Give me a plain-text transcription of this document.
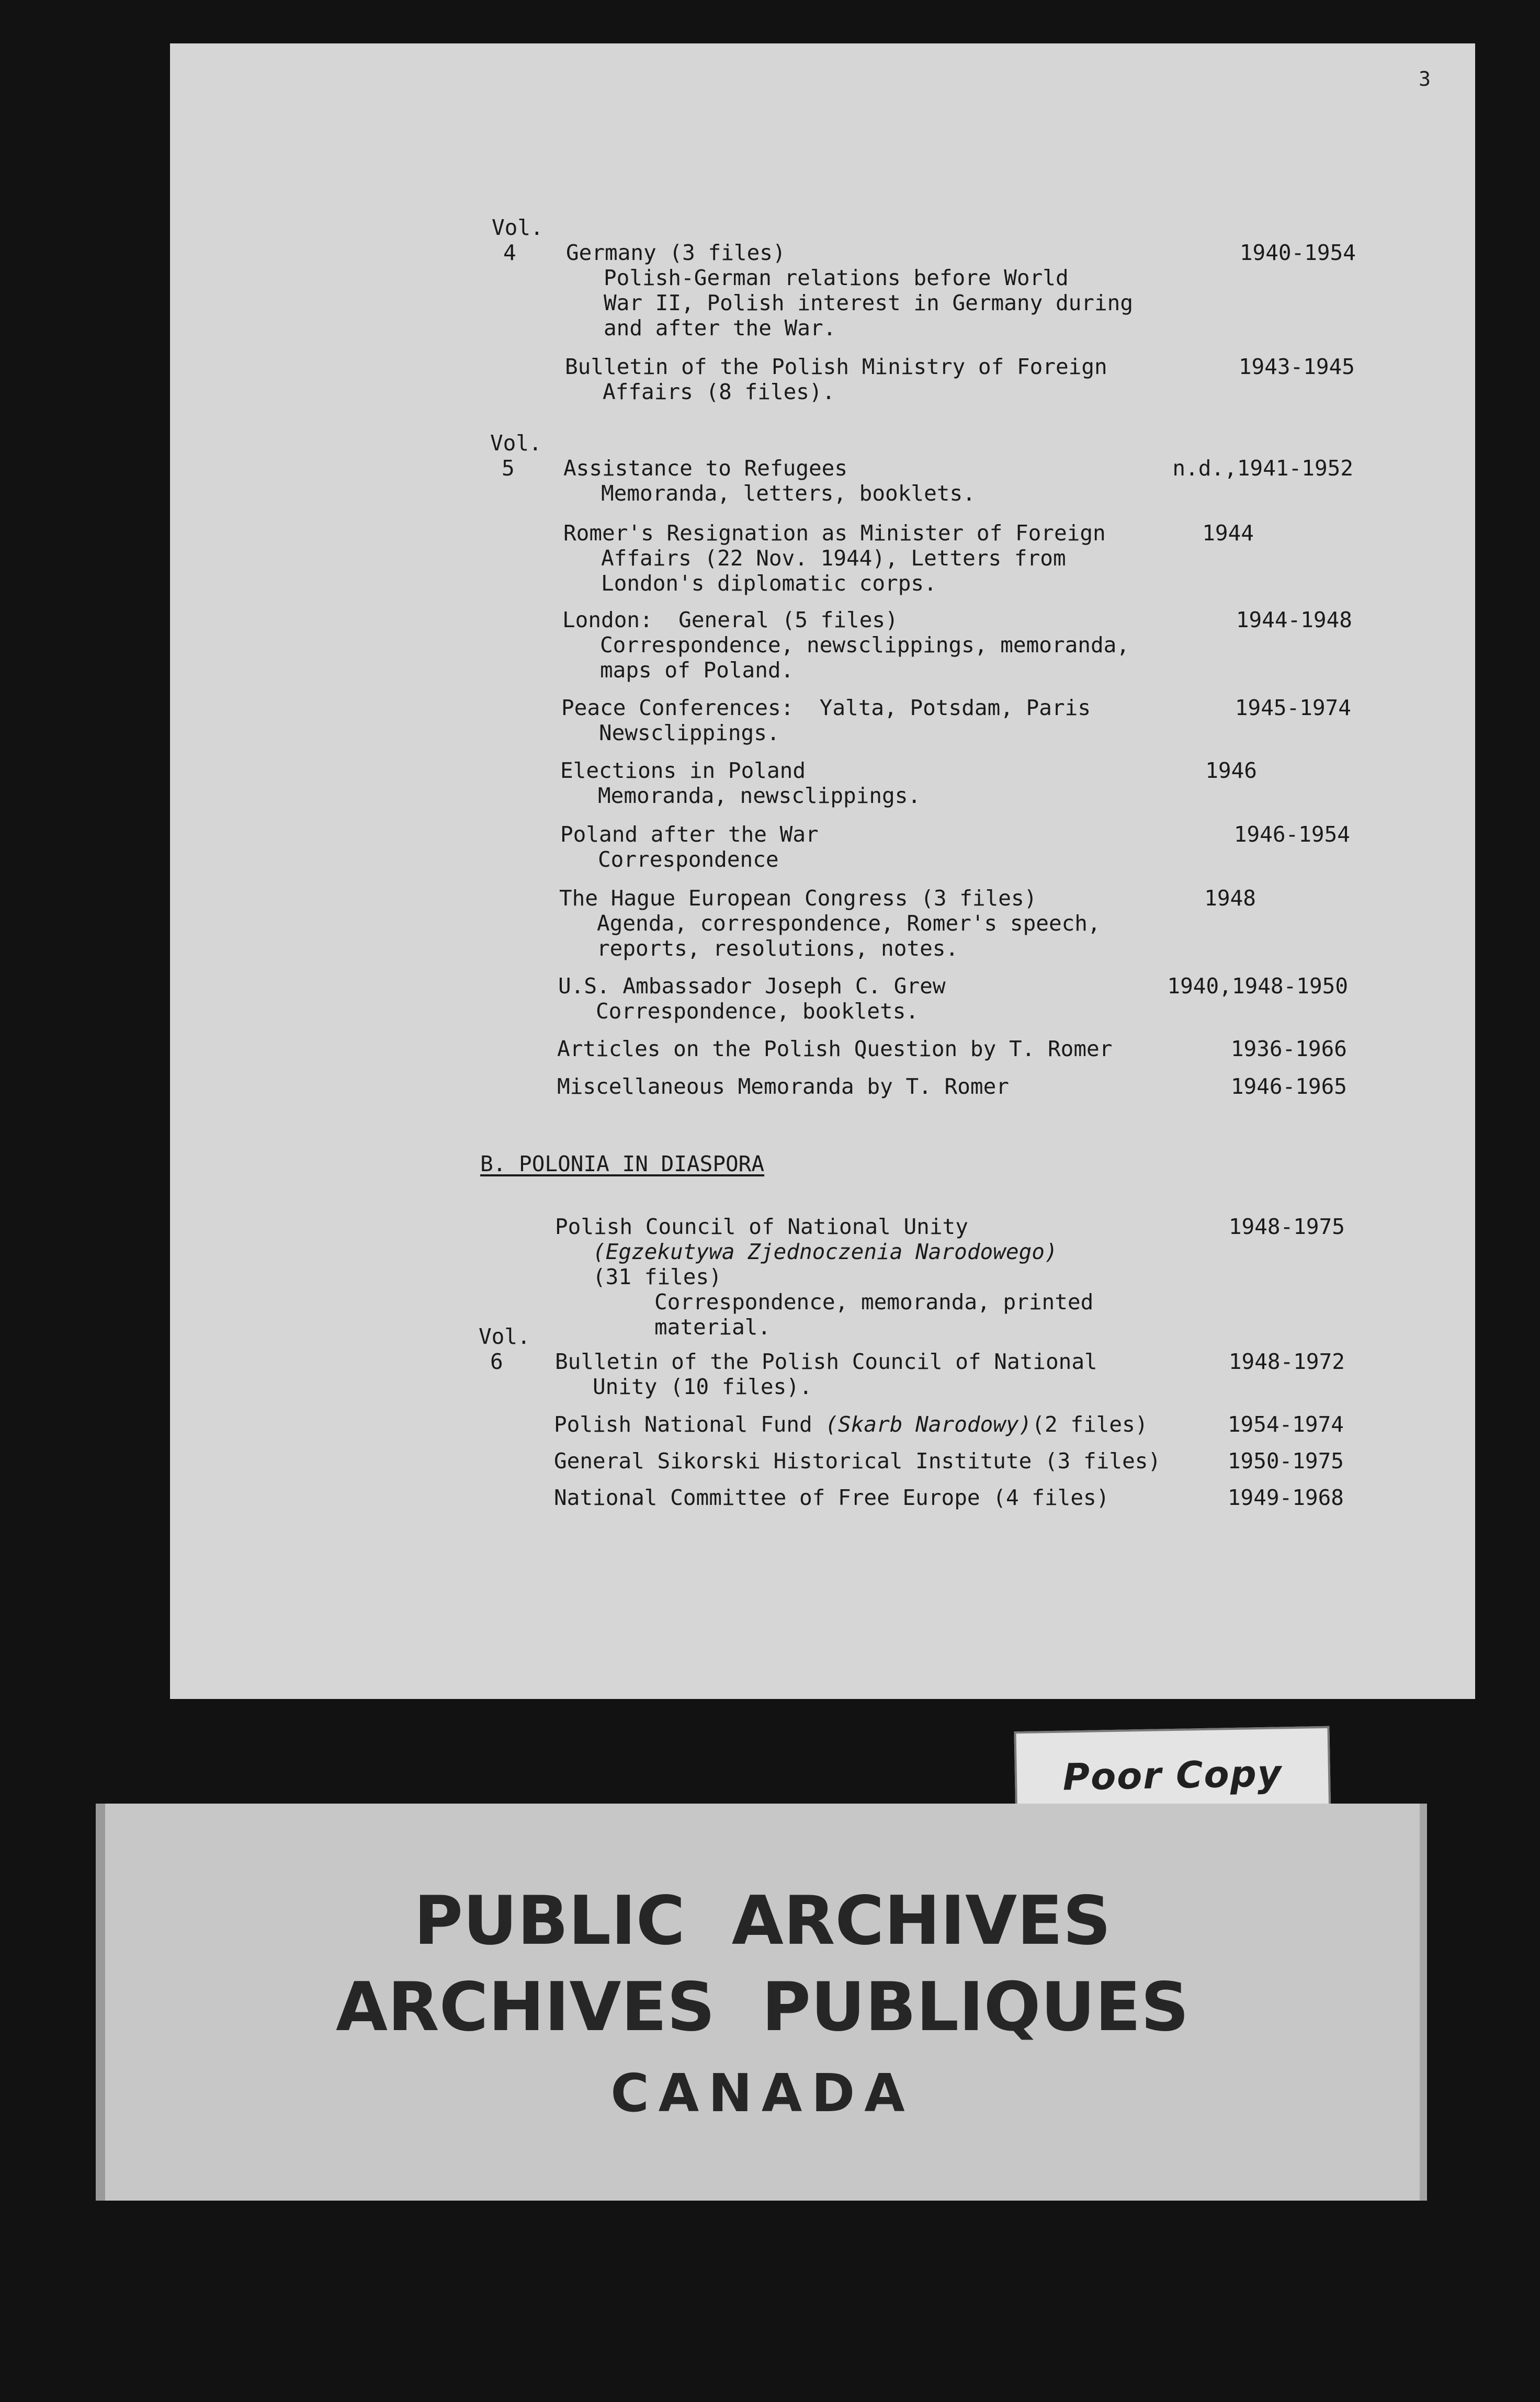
3

Vol.

4 Germany (3 files)	1940-1954

Polish-German relations before World

War II, Polish interest in Germany during

and after the War.

Bulletin of the Polish Ministry of Foreign	1943-1945

Affairs (8 files).

Vol.

5 Assistance to Refugees	n.d.,1941-1952

Memoranda, letters, booklets.

Romer's Resignation as Minister of Foreign	1944

Affairs (22 Nov. 1944), Letters from

London's diplomatic corps.

London:  General (5 files)	1944-1948

Correspondence, newsclippings, memoranda,

maps of Poland.

Peace Conferences:  Yalta, Potsdam, Paris	1945-1974

Newsclippings.

Elections in Poland	1946

Memoranda, newsclippings.

Poland after the War	1946-1954

Correspondence

The Hague European Congress (3 files)	1948

Agenda, correspondence, Romer's speech,

reports, resolutions, notes.

U.S. Ambassador Joseph C. Grew	1940,1948-1950

Correspondence, booklets.

Articles on the Polish Question by T. Romer	1936-1966

Miscellaneous Memoranda by T. Romer	1946-1965
B. POLONIA IN DIASPORA

Polish Council of National Unity	1948-1975

(Egzekutywa Zjednoczenia Narodowego)

(31 files)

Correspondence, memoranda, printed

material.

Vol.

6 Bulletin of the Polish Council of National	1948-1972

Unity (10 files).

Polish National Fund (Skarb Narodowy)(2 files)	1954-1974

General Sikorski Historical Institute (3 files)	1950-1975

National Committee of Free Europe (4 files)	1949-1968
Poor Copy
PUBLIC  ARCHIVES
ARCHIVES  PUBLIQUES
CANADA
